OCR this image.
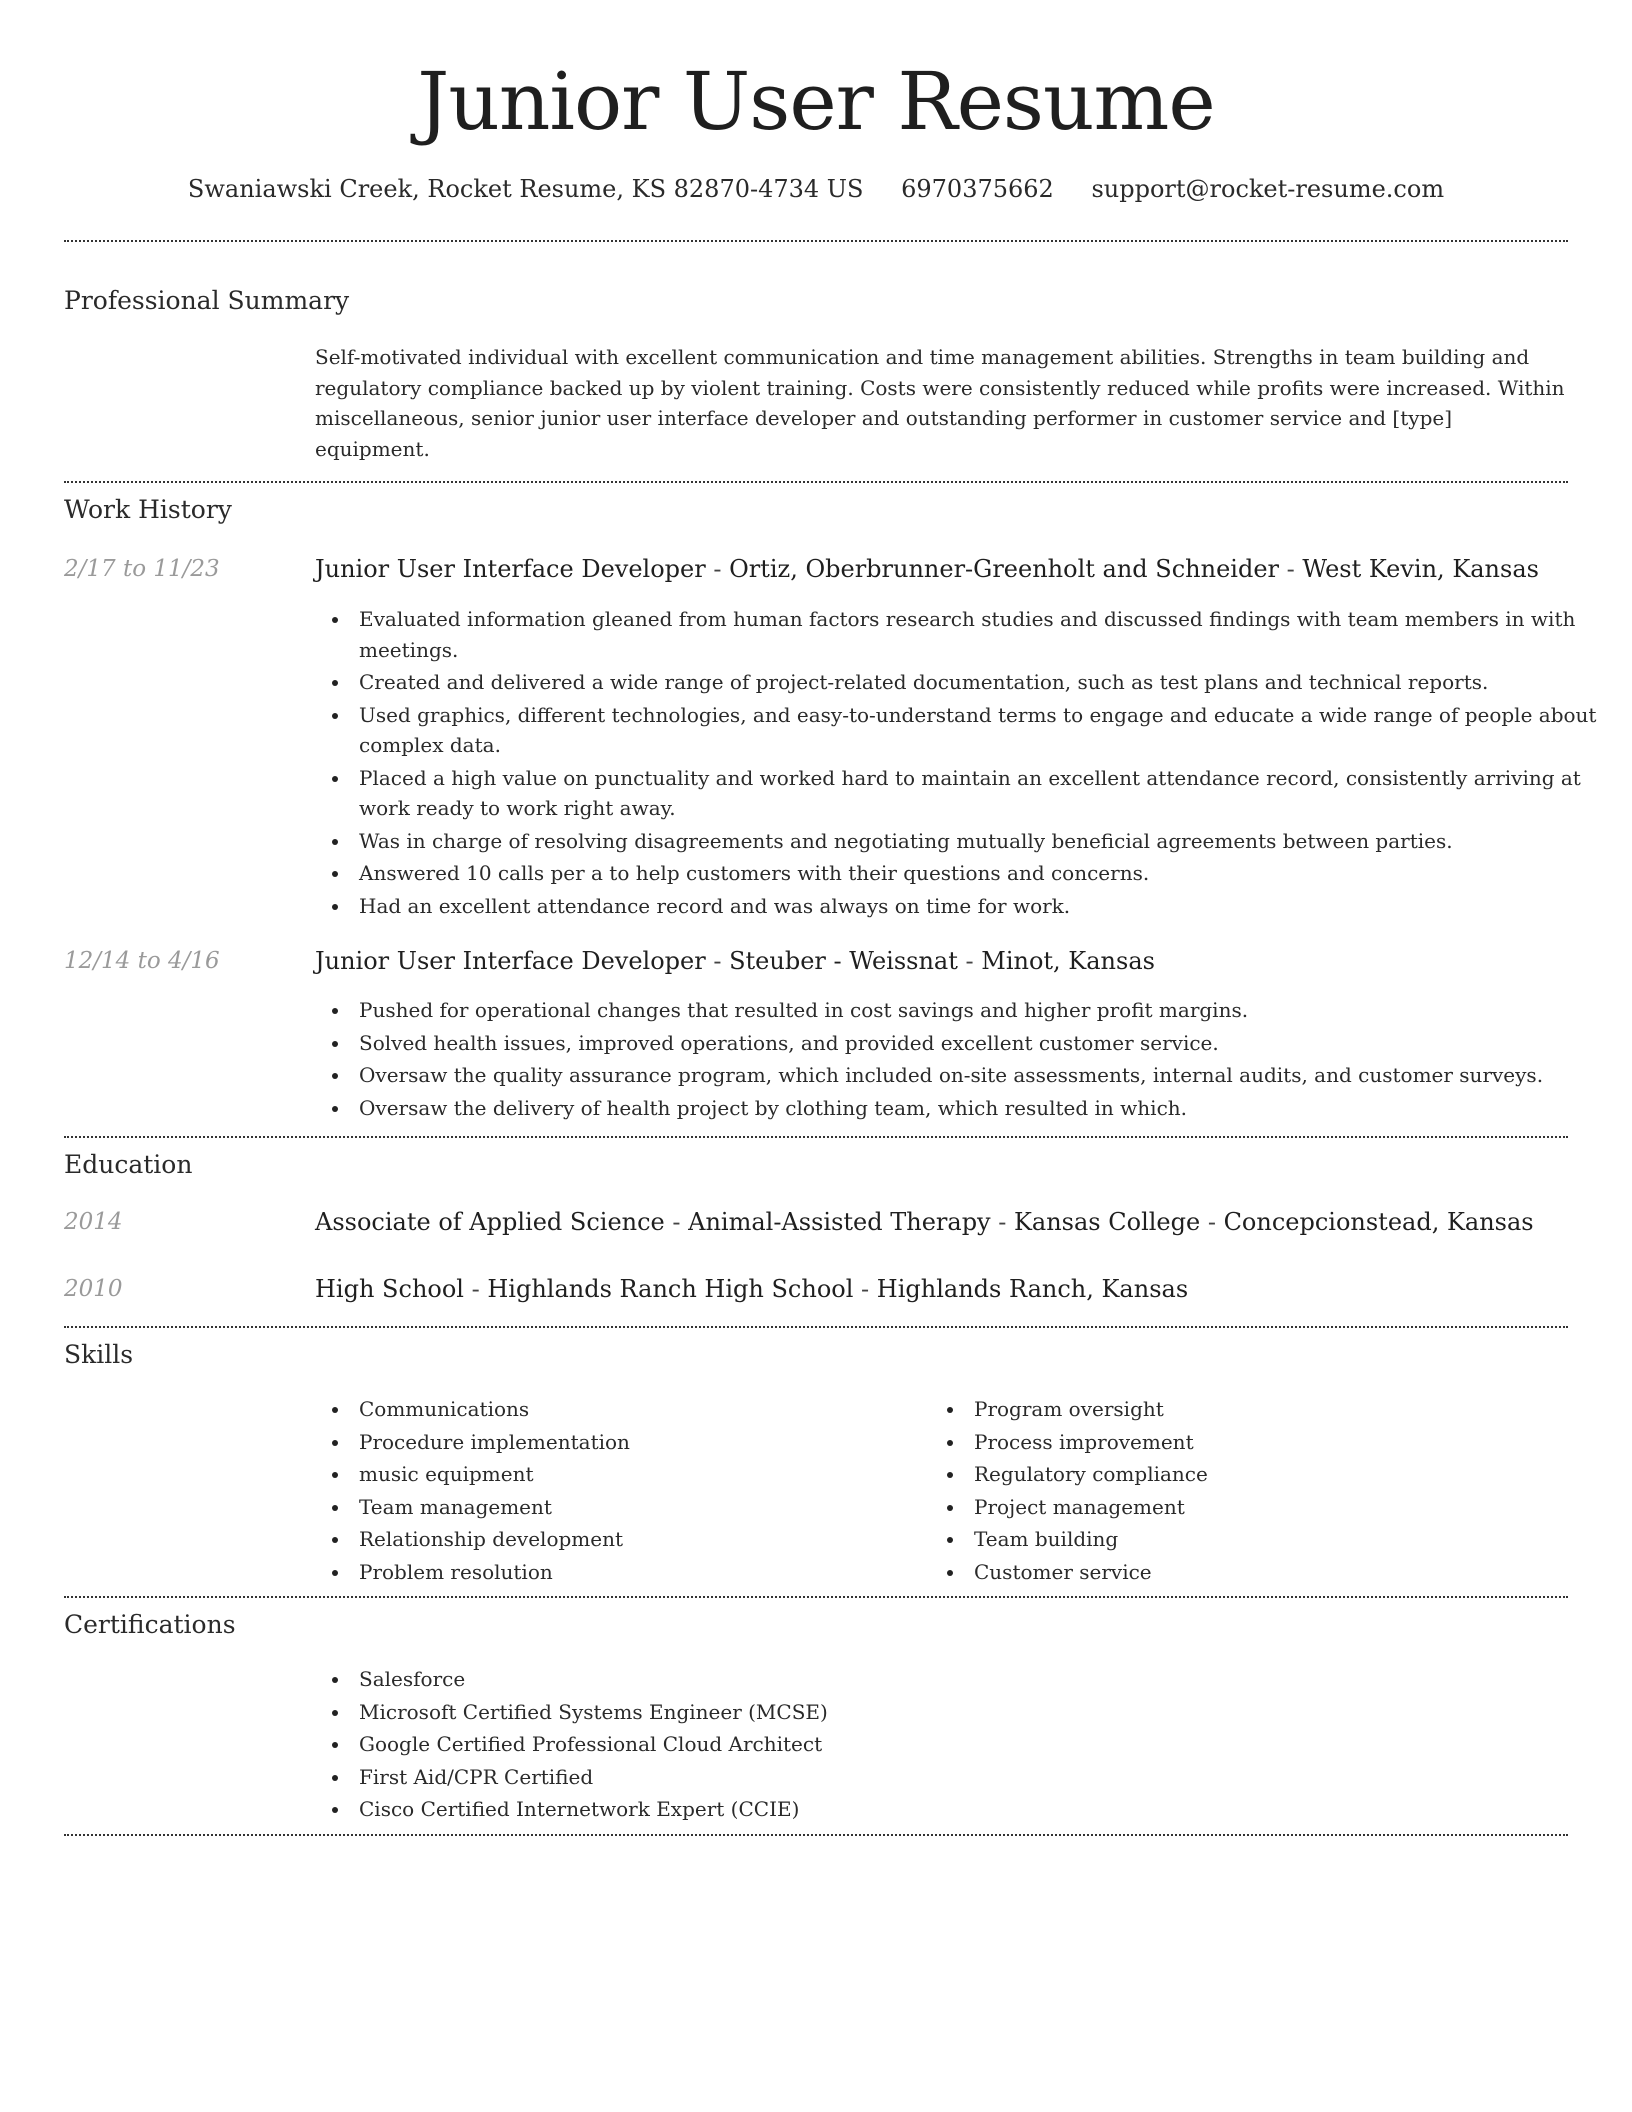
Junior User Resume
Swaniawski Creek, Rocket Resume, KS 82870-4734 US 6970375662 support@rocket-resume.com
Professional Summary

Self-motivated individual with excellent communication and time management abilities. Strengths in team building and regulatory compliance backed up by violent training. Costs were consistently reduced while profits were increased. Within miscellaneous, senior junior user interface developer and outstanding performer in customer service and [type] equipment.

Work History
2/17 to 11/23	Junior User Interface Developer - Ortiz, Oberbrunner-Greenholt and Schneider - West Kevin, Kansas
Evaluated information gleaned from human factors research studies and discussed findings with team members in with meetings.
Created and delivered a wide range of project-related documentation, such as test plans and technical reports.
Used graphics, different technologies, and easy-to-understand terms to engage and educate a wide range of people about complex data.
Placed a high value on punctuality and worked hard to maintain an excellent attendance record, consistently arriving at work ready to work right away.
Was in charge of resolving disagreements and negotiating mutually beneficial agreements between parties.
Answered 10 calls per a to help customers with their questions and concerns.
Had an excellent attendance record and was always on time for work.
12/14 to 4/16	Junior User Interface Developer - Steuber - Weissnat - Minot, Kansas
Pushed for operational changes that resulted in cost savings and higher profit margins.
Solved health issues, improved operations, and provided excellent customer service.
Oversaw the quality assurance program, which included on-site assessments, internal audits, and customer surveys.
Oversaw the delivery of health project by clothing team, which resulted in which.
Education
2014	Associate of Applied Science - Animal-Assisted Therapy - Kansas College - Concepcionstead, Kansas
2010	High School - Highlands Ranch High School - Highlands Ranch, Kansas
Skills
Communications
Procedure implementation
music equipment
Team management
Relationship development
Problem resolution
Program oversight
Process improvement
Regulatory compliance
Project management
Team building
Customer service
Certifications
Salesforce
Microsoft Certified Systems Engineer (MCSE)
Google Certified Professional Cloud Architect
First Aid/CPR Certified
Cisco Certified Internetwork Expert (CCIE)
